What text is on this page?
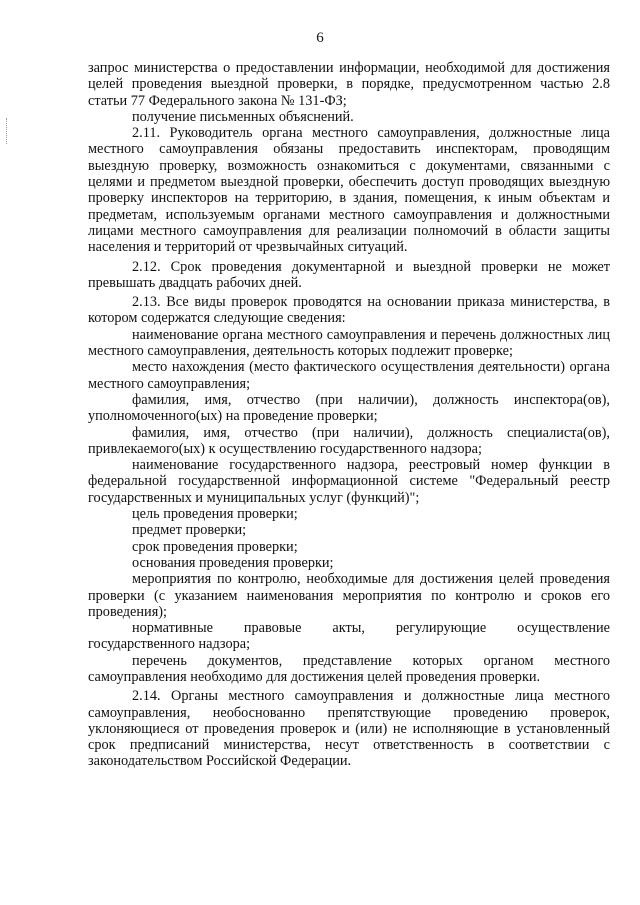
6

запрос министерства о предоставлении информации, необходимой для достижения целей проведения выездной проверки, в порядке, предусмотренном частью 2.8 статьи 77 Федерального закона № 131-ФЗ;

получение письменных объяснений.

2.11. Руководитель органа местного самоуправления, должностные лица местного самоуправления обязаны предоставить инспекторам, проводящим выездную проверку, возможность ознакомиться с документами, связанными с целями и предметом выездной проверки, обеспечить доступ проводящих выездную проверку инспекторов на территорию, в здания, помещения, к иным объектам и предметам, используемым органами местного самоуправления и должностными лицами местного самоуправления для реализации полномочий в области защиты населения и территорий от чрезвычайных ситуаций.

2.12. Срок проведения документарной и выездной проверки не может превышать двадцать рабочих дней.

2.13. Все виды проверок проводятся на основании приказа министерства, в котором содержатся следующие сведения:

наименование органа местного самоуправления и перечень должностных лиц местного самоуправления, деятельность которых подлежит проверке;

место нахождения (место фактического осуществления деятельности) органа местного самоуправления;

фамилия, имя, отчество (при наличии), должность инспектора(ов), уполномоченного(ых) на проведение проверки;

фамилия, имя, отчество (при наличии), должность специалиста(ов), привлекаемого(ых) к осуществлению государственного надзора;

наименование государственного надзора, реестровый номер функции в федеральной государственной информационной системе "Федеральный реестр государственных и муниципальных услуг (функций)";

цель проведения проверки;

предмет проверки;

срок проведения проверки;

основания проведения проверки;

мероприятия по контролю, необходимые для достижения целей проведения проверки (с указанием наименования мероприятия по контролю и сроков его проведения);

нормативные правовые акты, регулирующие осуществление государственного надзора;

перечень документов, представление которых органом местного самоуправления необходимо для достижения целей проведения проверки.

2.14. Органы местного самоуправления и должностные лица местного самоуправления, необоснованно препятствующие проведению проверок, уклоняющиеся от проведения проверок и (или) не исполняющие в установленный срок предписаний министерства, несут ответственность в соответствии с законодательством Российской Федерации.
